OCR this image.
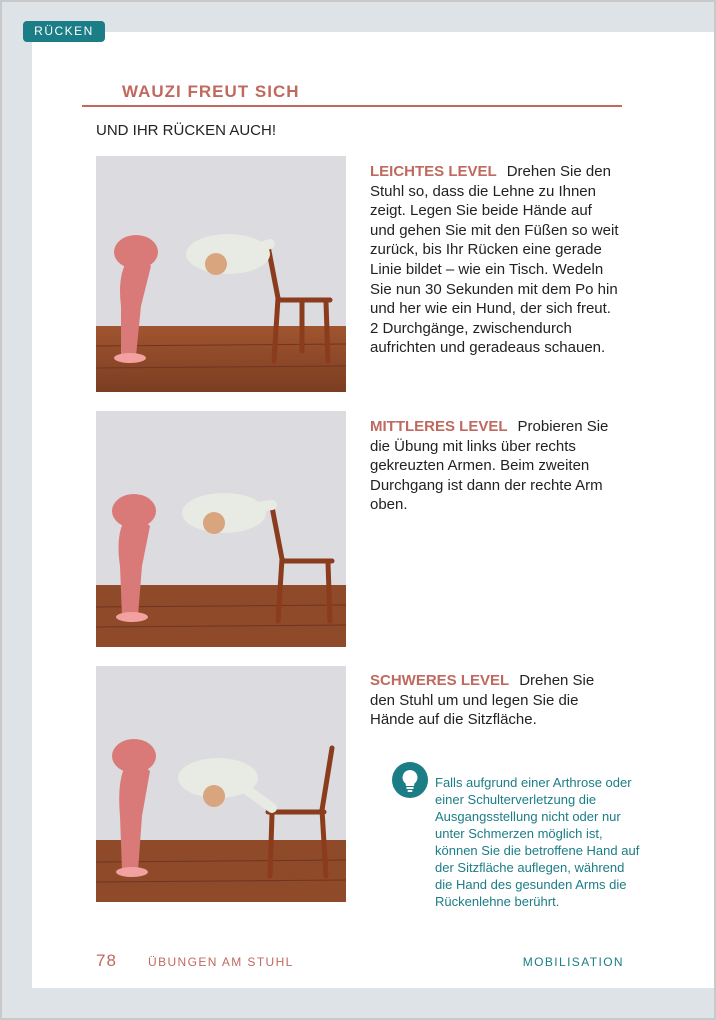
RÜCKEN
WAUZI FREUT SICH
UND IHR RÜCKEN AUCH!
LEICHTES LEVEL Drehen Sie den Stuhl so, dass die Lehne zu Ihnen zeigt. Legen Sie beide Hände auf und gehen Sie mit den Füßen so weit zurück, bis Ihr Rücken eine gerade Linie bildet – wie ein Tisch. Wedeln Sie nun 30 Sekunden mit dem Po hin und her wie ein Hund, der sich freut. 2 Durchgänge, zwischendurch aufrichten und geradeaus schauen.
MITTLERES LEVEL Probieren Sie die Übung mit links über rechts gekreuzten Armen. Beim zweiten Durchgang ist dann der rechte Arm oben.
SCHWERES LEVEL Drehen Sie den Stuhl um und legen Sie die Hände auf die Sitzfläche.
Falls aufgrund einer Arthrose oder einer Schulterverletzung die Ausgangsstellung nicht oder nur unter Schmerzen möglich ist, können Sie die betroffene Hand auf der Sitzfläche auflegen, während die Hand des gesunden Arms die Rückenlehne berührt.
78	ÜBUNGEN AM STUHL	MOBILISATION
